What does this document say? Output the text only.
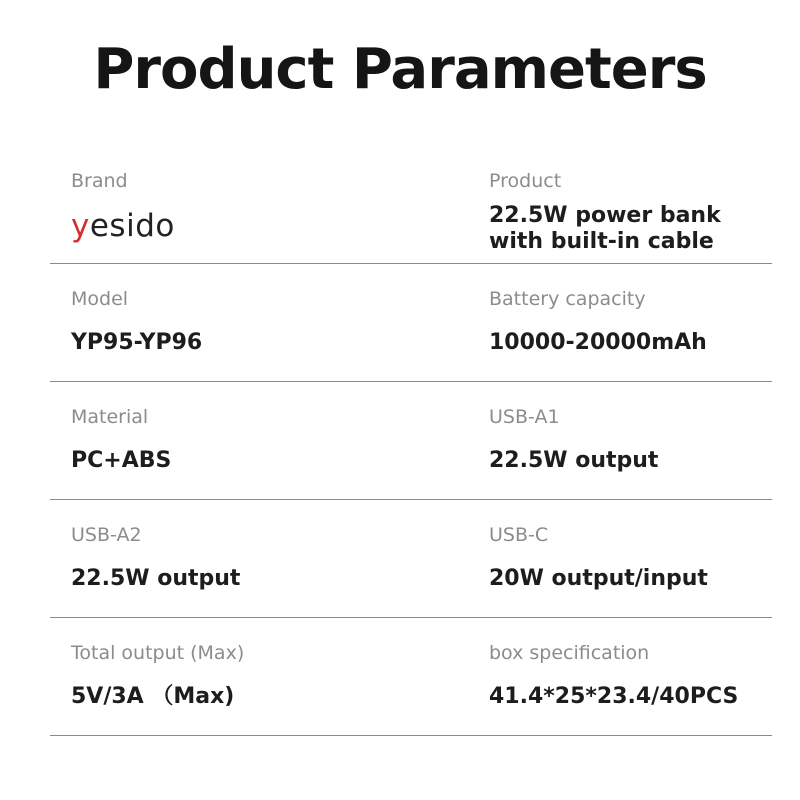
Product Parameters
Brand
yesido
Product
22.5W power bank with built-in cable
Model
YP95-YP96
Battery capacity
10000-20000mAh
Material
PC+ABS
USB-A1
22.5W output
USB-A2
22.5W output
USB-C
20W output/input
Total output (Max)
5V/3A （Max)
box specification
41.4*25*23.4/40PCS
